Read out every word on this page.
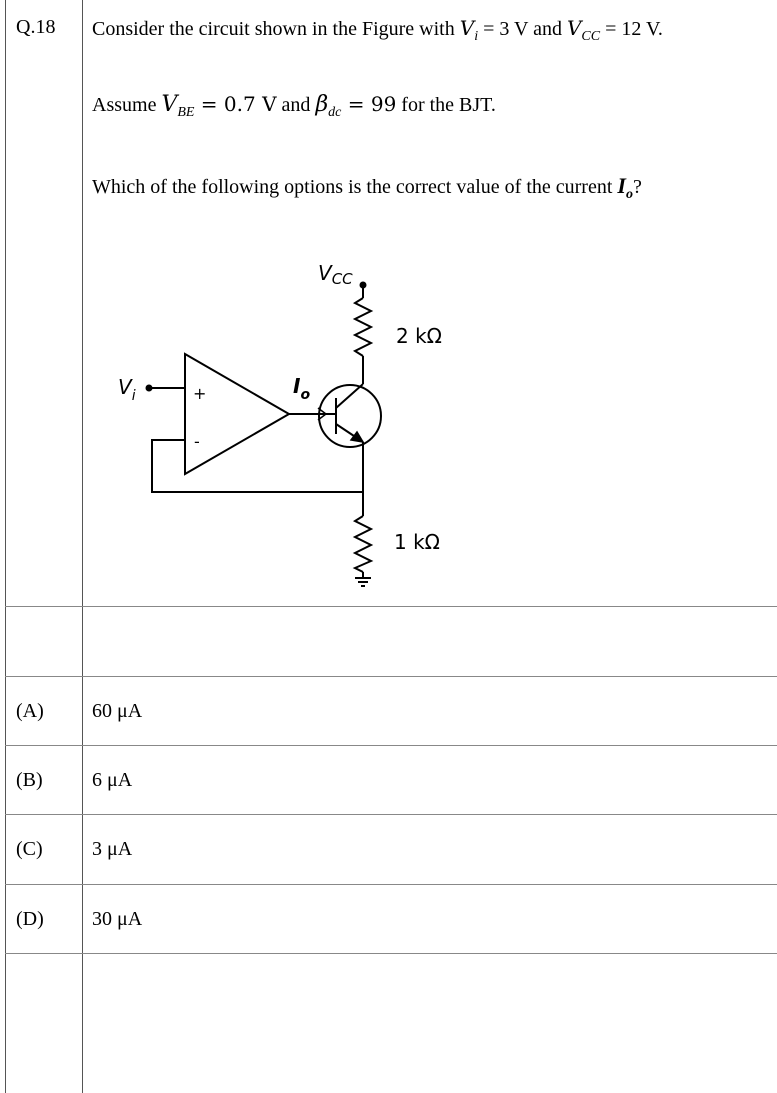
Q.18 Consider the circuit shown in the Figure with $V_i = 3$ V and $V_{CC} = 12$ V.
Assume $V_{BE} = 0.7$ V and $\beta_{dc} = 99$ for the BJT.
Which of the following options is the correct value of the current $I_o$?
$V_{CC}$
2 kΩ
1 kΩ
$V_i$	$I_o$
+
-
(A) 60 μA
(B) 6 μA
(C) 3 μA
(D) 30 μA
